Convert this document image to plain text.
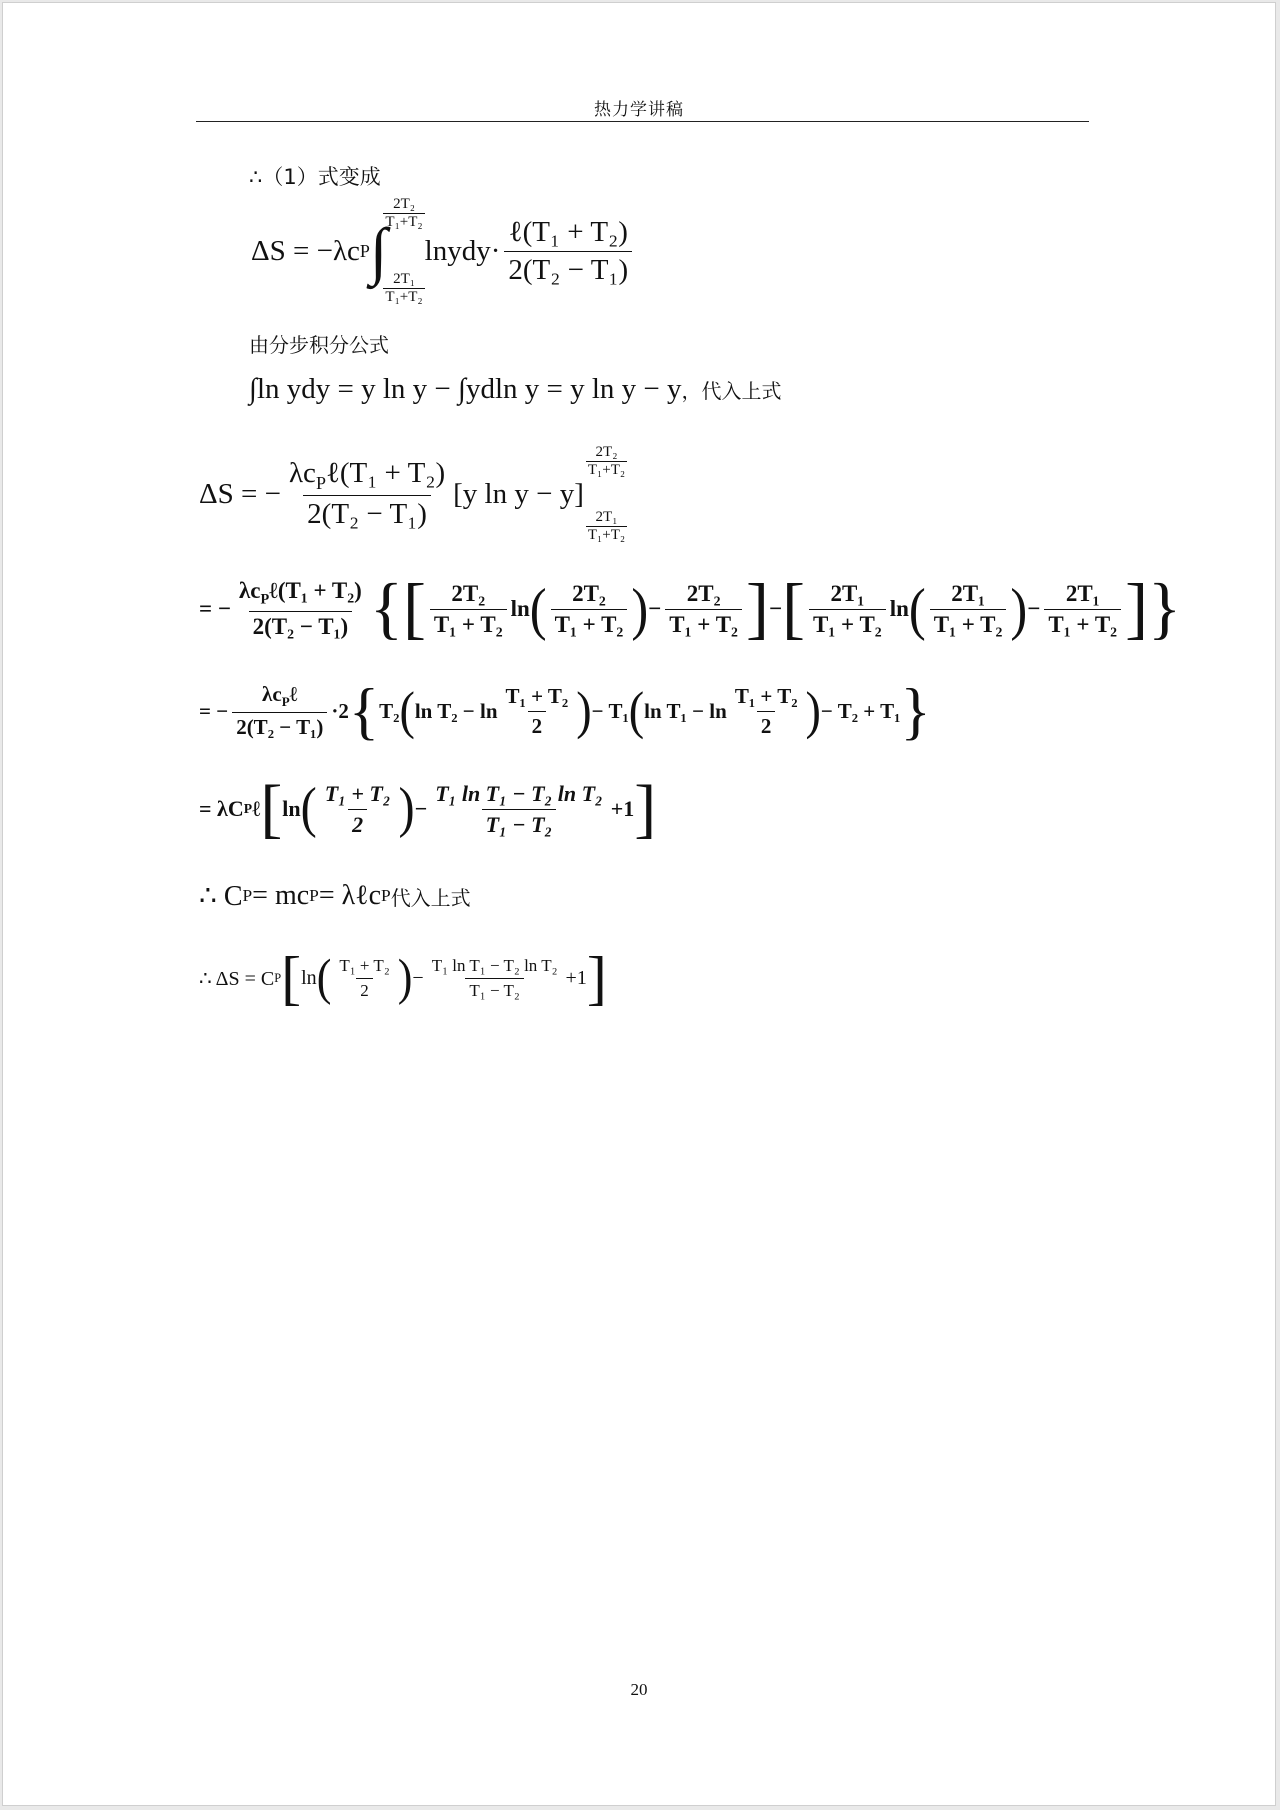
热力学讲稿
∴（1）式变成
ΔS = −λc P ∫
$\frac{\text{2T₂}}{\text{T₁+T₂}}$
$\frac{\text{2T₁}}{\text{T₁+T₂}}$
lnydy· $\frac{\text{ℓ(T₁ + T₂)}}{\text{2(T₂ − T₁)}}$
由分步积分公式
∫ln ydy = y ln y − ∫ydln y = y ln y − y ，代入上式
ΔS = − $\frac{\lambda c_P\ell(T_1 + T_2)}{\text{2(T₂ − T₁)}} [y$ ln y − y]
$\frac{\text{2T₂}}{\text{T₁+T₂}}$
$\frac{\text{2T₁}}{\text{T₁+T₂}}$
= − $\frac{\lambda c_P\ell(T_1 + T_2)}{\text{2(T₂ − T₁)}}$ { [ $\frac{\text{2T₂}}{\text{T₁ + T₂}}$ ln ( $\frac{\text{2T₂}}{\text{T₁ + T₂}}$ ) − $\frac{\text{2T₂}}{\text{T₁ + T₂}}$ ] − [ $\frac{\text{2T₁}}{\text{T₁ + T₂}}$ ln ( $\frac{\text{2T₁}}{\text{T₁ + T₂}}$ ) − $\frac{\text{2T₁}}{\text{T₁ + T₂}}$ ] }
= − $\frac{\lambda c_P\ell}{\text{2(T₂ − T₁)}} \cdot 2$ { T₂ ( $\ln T_2 - \ln \frac{\text{T₁ + T₂}}{2}$ ) − T₁ ( $\ln T_1 - \ln \frac{\text{T₁ + T₂}}{2}$ ) − T₂ + T₁ }
= λC P ℓ [ ln ( $\frac{\text{T₁ + T₂}}{2}$ ) − $\frac{\text{T₁ ln T₁ − T₂ ln T₂}}{\text{T₁ − T₂}} +1$ ]
∴ C P = mc P = λℓc P 代入上式
∴ ΔS = C P [ ln ( $\frac{\text{T₁ + T₂}}{2}$ ) − $\frac{\text{T₁ ln T₁ − T₂ ln T₂}}{\text{T₁ − T₂}} +1$ ]
20
